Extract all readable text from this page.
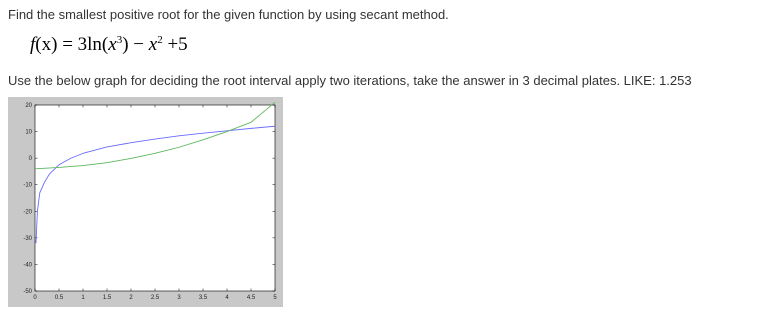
Find the smallest positive root for the given function by using secant method.
$f(x) = 3\ln(x^3) - x^2 +5$
Use the below graph for deciding the root interval apply two iterations, take the answer in 3 decimal plates. LIKE: 1.253
0	0.5	1	1.5	2	2.5	3	3.5	4	4.5	5
20
10
0
-10
-20
-30
-40
-50
